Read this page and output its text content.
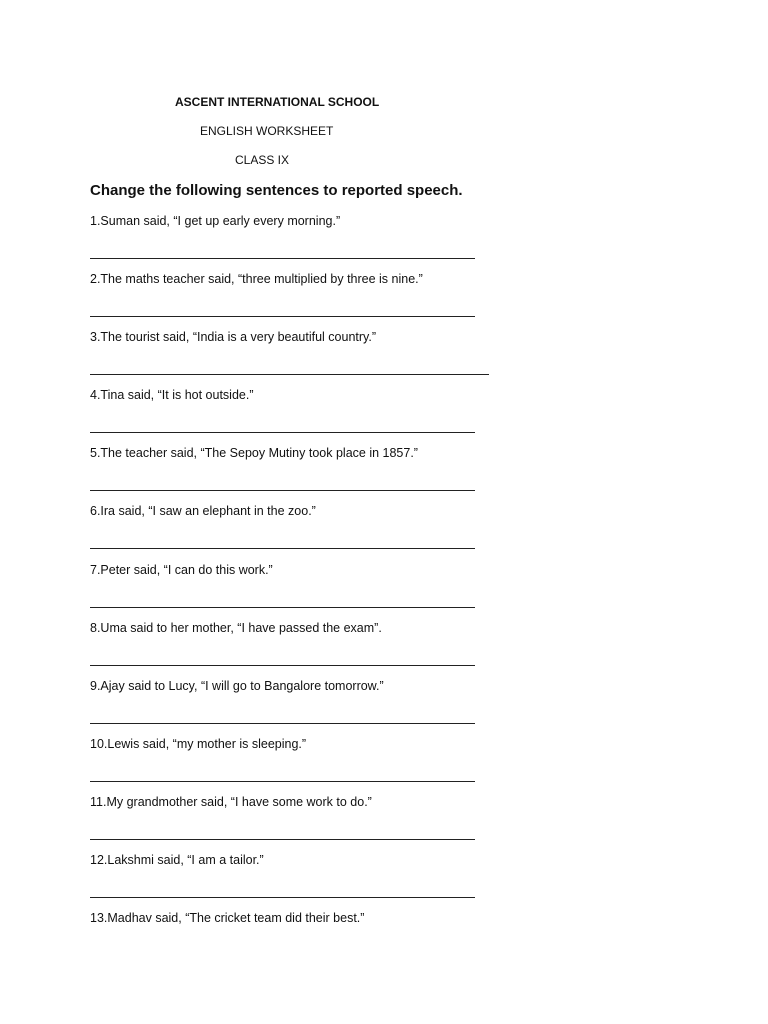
ASCENT INTERNATIONAL SCHOOL
ENGLISH WORKSHEET
CLASS IX
Change the following sentences to reported speech.
1.Suman said, “I get up early every morning.”
2.The maths teacher said, “three multiplied by three is nine.”
3.The tourist said, “India is a very beautiful country.”
4.Tina said, “It is hot outside.”
5.The teacher said, “The Sepoy Mutiny took place in 1857.”
6.Ira said, “I saw an elephant in the zoo.”
7.Peter said, “I can do this work.”
8.Uma said to her mother, “I have passed the exam”.
9.Ajay said to Lucy, “I will go to Bangalore tomorrow.”
10.Lewis said, “my mother is sleeping.”
11.My grandmother said, “I have some work to do.”
12.Lakshmi said, “I am a tailor.”
13.Madhav said, “The cricket team did their best.”
